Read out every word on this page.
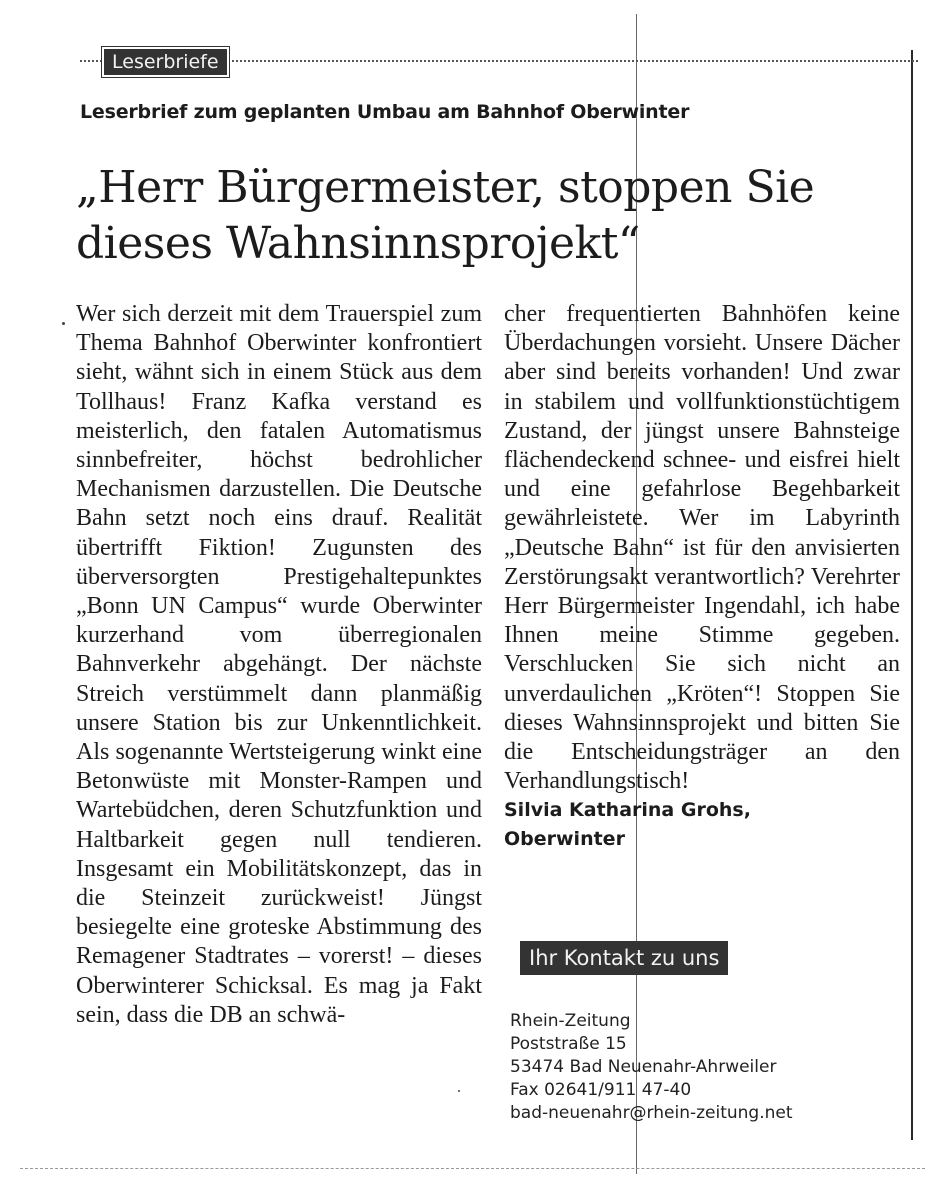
Leserbriefe
Leserbrief zum geplanten Umbau am Bahnhof Oberwinter
„Herr Bürgermeister, stoppen Sie dieses Wahnsinnsprojekt“

Wer sich derzeit mit dem Trauerspiel zum Thema Bahnhof Oberwinter konfrontiert sieht, wähnt sich in einem Stück aus dem Tollhaus! Franz Kafka verstand es meisterlich, den fatalen Automatismus sinnbefreiter, höchst bedrohlicher Mechanismen darzustellen. Die Deutsche Bahn setzt noch eins drauf. Realität übertrifft Fiktion! Zugunsten des überversorgten Prestigehaltepunktes „Bonn UN Campus“ wurde Oberwinter kurzerhand vom überregionalen Bahnverkehr abgehängt. Der nächste Streich verstümmelt dann planmäßig unsere Station bis zur Unkenntlichkeit. Als sogenannte Wertsteigerung winkt eine Betonwüste mit Monster-Rampen und Wartebüdchen, deren Schutzfunktion und Haltbarkeit gegen null tendieren. Insgesamt ein Mobilitätskonzept, das in die Steinzeit zurückweist! Jüngst besiegelte eine groteske Abstimmung des Remagener Stadtrates – vorerst! – dieses Oberwinterer Schicksal. Es mag ja Fakt sein, dass die DB an schwä-

cher frequentierten Bahnhöfen keine Überdachungen vorsieht. Unsere Dächer aber sind bereits vorhanden! Und zwar in stabilem und vollfunktionstüchtigem Zustand, der jüngst unsere Bahnsteige flächendeckend schnee- und eisfrei hielt und eine gefahrlose Begehbarkeit gewährleistete. Wer im Labyrinth „Deutsche Bahn“ ist für den anvisierten Zerstörungsakt verantwortlich? Verehrter Herr Bürgermeister Ingendahl, ich habe Ihnen meine Stimme gegeben. Verschlucken Sie sich nicht an unverdaulichen „Kröten“! Stoppen Sie dieses Wahnsinnsprojekt und bitten Sie die Entscheidungsträger an den Verhandlungstisch!

Silvia Katharina Grohs,

Oberwinter

Ihr Kontakt zu uns
Rhein-Zeitung
Poststraße 15
53474 Bad Neuenahr-Ahrweiler
Fax 02641/911 47-40
bad-neuenahr@rhein-zeitung.net
